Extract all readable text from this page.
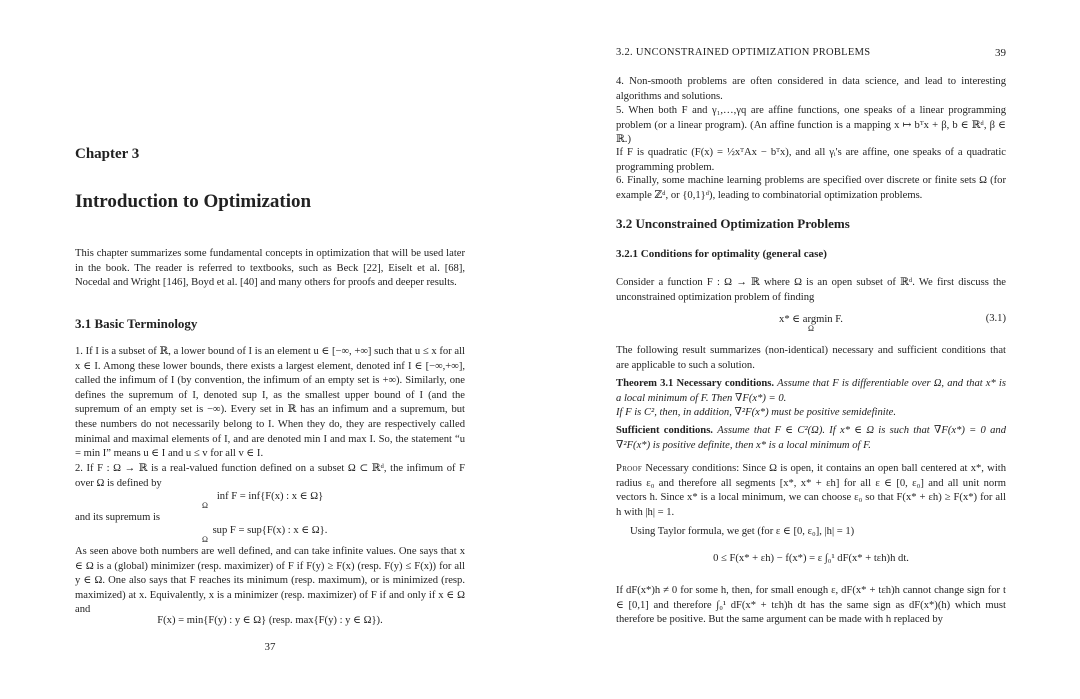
Chapter 3
Introduction to Optimization

This chapter summarizes some fundamental concepts in optimization that will be used later in the book. The reader is referred to textbooks, such as Beck [22], Eiselt et al. [68], Nocedal and Wright [146], Boyd et al. [40] and many others for proofs and deeper results.

3.1 Basic Terminology

1. If I is a subset of ℝ, a lower bound of I is an element u ∈ [−∞, +∞] such that u ≤ x for all x ∈ I. Among these lower bounds, there exists a largest element, denoted inf I ∈ [−∞,+∞], called the infimum of I (by convention, the infimum of an empty set is +∞). Similarly, one defines the supremum of I, denoted sup I, as the smallest upper bound of I (and the supremum of an empty set is −∞). Every set in ℝ has an infimum and a supremum, but these numbers do not necessarily belong to I. When they do, they are respectively called minimal and maximal elements of I, and are denoted min I and max I. So, the statement “u = min I” means u ∈ I and u ≤ v for all v ∈ I.

2. If F : Ω → ℝ is a real-valued function defined on a subset Ω ⊂ ℝᵈ, the infimum of F over Ω is defined by

inf F = inf{F(x) : x ∈ Ω}
Ω

and its supremum is

sup F = sup{F(x) : x ∈ Ω}.
Ω

As seen above both numbers are well defined, and can take infinite values. One says that x ∈ Ω is a (global) minimizer (resp. maximizer) of F if F(y) ≥ F(x) (resp. F(y) ≤ F(x)) for all y ∈ Ω. One also says that F reaches its minimum (resp. maximum), or is minimized (resp. maximized) at x. Equivalently, x is a minimizer (resp. maximizer) of F if and only if x ∈ Ω and

F(x) = min{F(y) : y ∈ Ω} (resp. max{F(y) : y ∈ Ω}).
37
3.2. UNCONSTRAINED OPTIMIZATION PROBLEMS	39

4. Non-smooth problems are often considered in data science, and lead to interesting algorithms and solutions.

5. When both F and γ₁,…,γq are affine functions, one speaks of a linear programming problem (or a linear program). (An affine function is a mapping x ↦ bᵀx + β, b ∈ ℝᵈ, β ∈ ℝ.)

If F is quadratic (F(x) = ½xᵀAx − bᵀx), and all γᵢ's are affine, one speaks of a quadratic programming problem.

6. Finally, some machine learning problems are specified over discrete or finite sets Ω (for example ℤᵈ, or {0,1}ᵈ), leading to combinatorial optimization problems.

3.2 Unconstrained Optimization Problems
3.2.1 Conditions for optimality (general case)

Consider a function F : Ω → ℝ where Ω is an open subset of ℝᵈ. We first discuss the unconstrained optimization problem of finding

x* ∈ argmin F.	(3.1)
Ω

The following result summarizes (non-identical) necessary and sufficient conditions that are applicable to such a solution.

Theorem 3.1 Necessary conditions. Assume that F is differentiable over Ω, and that x* is a local minimum of F. Then ∇F(x*) = 0.

If F is C², then, in addition, ∇²F(x*) must be positive semidefinite.

Sufficient conditions. Assume that F ∈ C²(Ω). If x* ∈ Ω is such that ∇F(x*) = 0 and ∇²F(x*) is positive definite, then x* is a local minimum of F.

Proof Necessary conditions: Since Ω is open, it contains an open ball centered at x*, with radius ε₀ and therefore all segments [x*, x* + εh] for all ε ∈ [0, ε₀] and all unit norm vectors h. Since x* is a local minimum, we can choose ε₀ so that F(x* + εh) ≥ F(x*) for all h with |h| = 1.

Using Taylor formula, we get (for ε ∈ [0, ε₀], |h| = 1)

0 ≤ F(x* + εh) − f(x*) = ε ∫₀¹ dF(x* + tεh)h dt.

If dF(x*)h ≠ 0 for some h, then, for small enough ε, dF(x* + tεh)h cannot change sign for t ∈ [0,1] and therefore ∫₀¹ dF(x* + tεh)h dt has the same sign as dF(x*)(h) which must therefore be positive. But the same argument can be made with h replaced by
